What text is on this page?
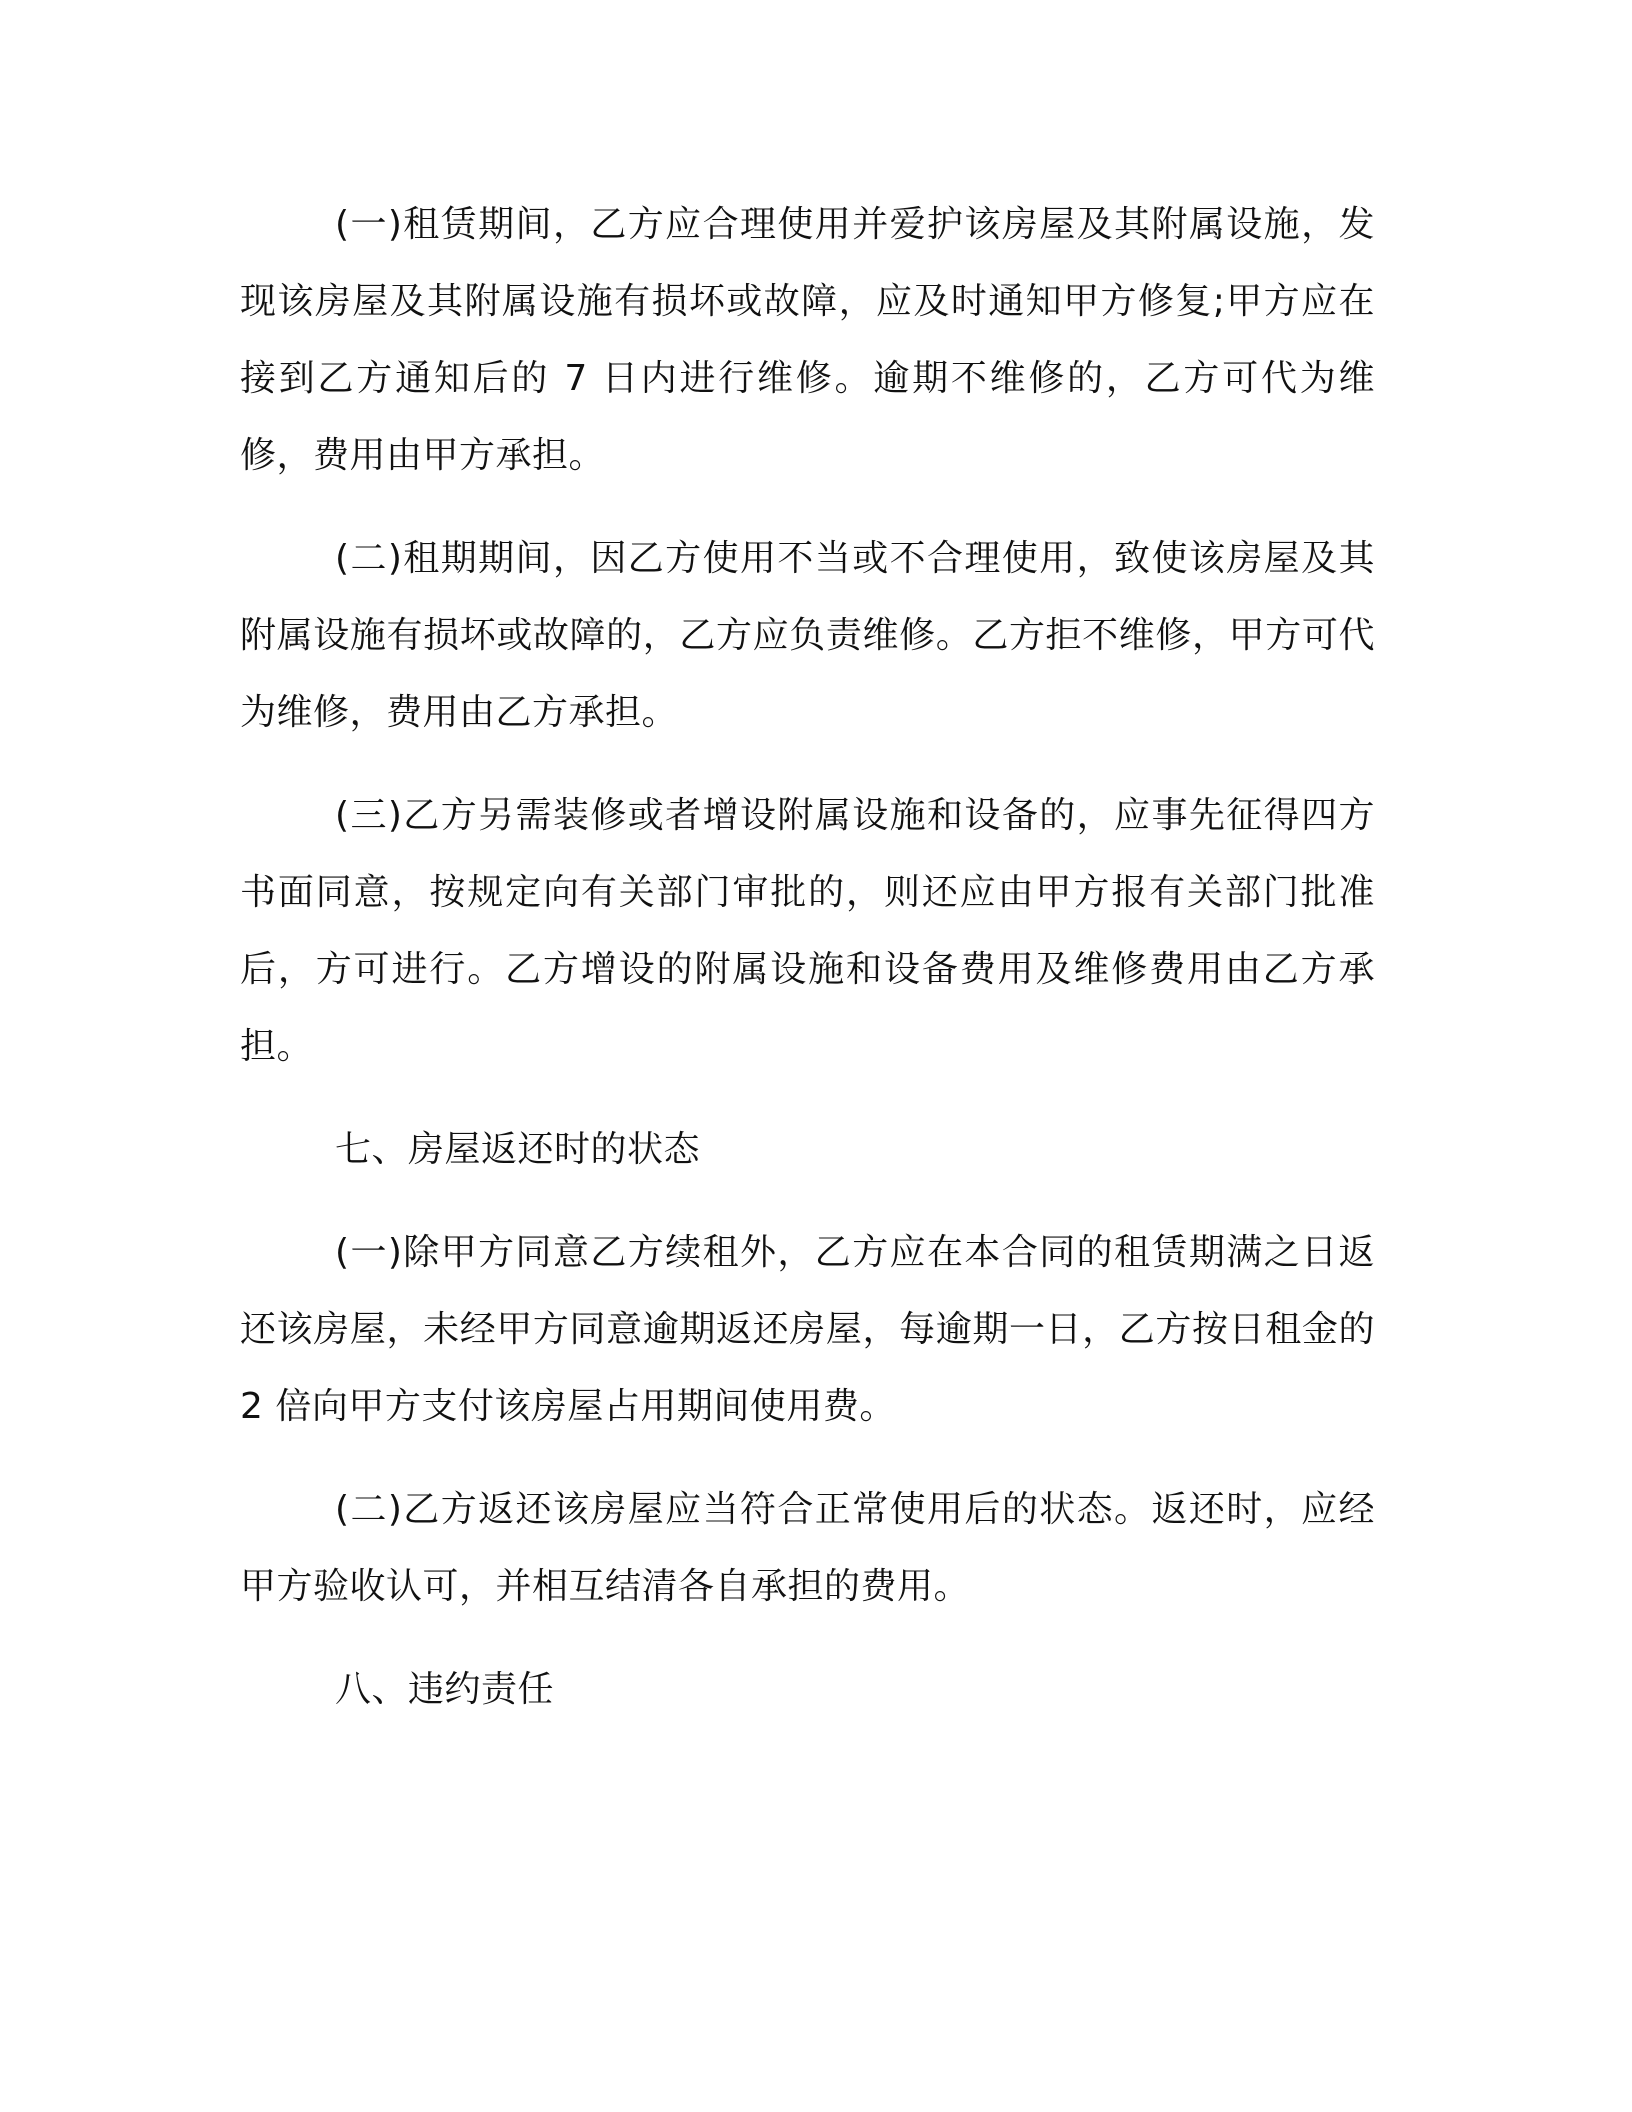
(一)租赁期间，乙方应合理使用并爱护该房屋及其附属设施，发现该房屋及其附属设施有损坏或故障，应及时通知甲方修复;甲方应在接到乙方通知后的 7 日内进行维修。逾期不维修的，乙方可代为维修，费用由甲方承担。

(二)租期期间，因乙方使用不当或不合理使用，致使该房屋及其附属设施有损坏或故障的，乙方应负责维修。乙方拒不维修，甲方可代为维修，费用由乙方承担。

(三)乙方另需装修或者增设附属设施和设备的，应事先征得四方书面同意，按规定向有关部门审批的，则还应由甲方报有关部门批准后，方可进行。乙方增设的附属设施和设备费用及维修费用由乙方承担。

七、房屋返还时的状态

(一)除甲方同意乙方续租外，乙方应在本合同的租赁期满之日返还该房屋，未经甲方同意逾期返还房屋，每逾期一日，乙方按日租金的 2 倍向甲方支付该房屋占用期间使用费。

(二)乙方返还该房屋应当符合正常使用后的状态。返还时，应经甲方验收认可，并相互结清各自承担的费用。

八、违约责任
